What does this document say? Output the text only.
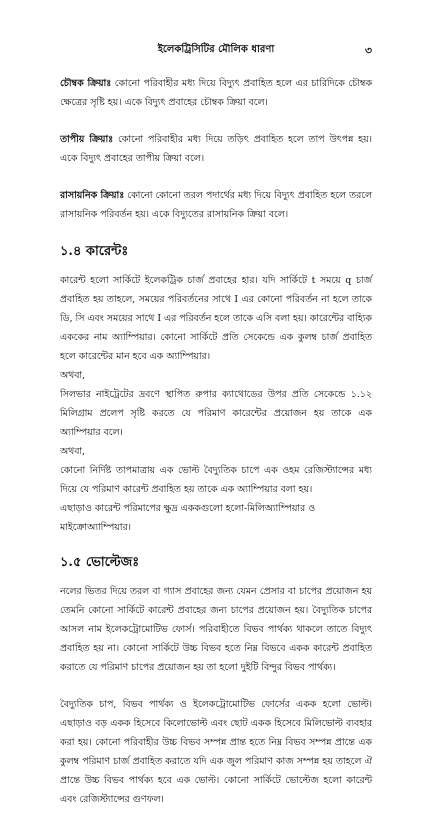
ইলেকট্রিসিটির মৌলিক ধারণা	৩

চৌম্বক ক্রিয়াঃ কোনো পরিবাহীর মধ্য দিয়ে বিদ্যুৎ প্রবাহিত হলে এর চারিদিকে চৌম্বক ক্ষেত্রের সৃষ্টি হয়। একে বিদ্যুৎ প্রবাহের চৌম্বক ক্রিয়া বলে।

তাপীয় ক্রিয়াঃ কোনো পরিবাহীর মধ্য দিয়ে তড়িৎ প্রবাহিত হলে তাপ উৎপন্ন হয়। একে বিদ্যুৎ প্রবাহের তাপীয় ক্রিয়া বলে।

রাসায়নিক ক্রিয়াঃ কোনো কোনো তরল পদার্থের মধ্য দিয়ে বিদ্যুৎ প্রবাহিত হলে তরলে রাসায়নিক পরিবর্তন হয়। একে বিদ্যুতের রাসায়নিক ক্রিয়া বলে।

১.৪ কারেন্টঃ

কারেন্ট হলো সার্কিটে ইলেকট্রিক চার্জ প্রবাহের হার। যদি সার্কিটে t সময়ে q চার্জ প্রবাহিত হয় তাহলে, সময়ের পরিবর্তনের সাথে I এর কোনো পরিবর্তন না হলে তাকে ডি, সি এবং সময়ের সাথে I এর পরিবর্তন হলে তাকে এসি বলা হয়। কারেন্টের বাহ্যিক এককের নাম অ্যাম্পিয়ার। কোনো সার্কিটে প্রতি সেকেন্ডে এক কুলম্ব চার্জ প্রবাহিত হলে কারেন্টের মান হবে এক অ্যাম্পিয়ার।

অথবা,

সিলভার নাইট্রেটের দ্রবণে স্থাপিত রুপার ক্যাথোডের উপর প্রতি সেকেন্ডে ১.১২ মিলিগ্রাম প্রলেপ সৃষ্টি করতে যে পরিমাণ কারেন্টের প্রয়োজন হয় তাকে এক অ্যাম্পিয়ার বলে।

অথবা,

কোনো নির্দিষ্ট তাপমাত্রায় এক ভোল্ট বৈদ্যুতিক চাপে এক ওহম রেজিস্ট্যান্সের মধ্য দিয়ে যে পরিমাণ কারেন্ট প্রবাহিত হয় তাকে এক অ্যাম্পিয়ার বলা হয়।

এছাড়াও কারেন্ট পরিমাপের ক্ষুদ্র এককগুলো হলো-মিলিঅ্যাম্পিয়ার ও মাইক্রোঅ্যাম্পিয়ার।

১.৫ ভোল্টেজঃ

নলের ভিতর দিয়ে তরল বা গ্যাস প্রবাহের জন্য যেমন প্রেসার বা চাপের প্রয়োজন হয় তেমনি কোনো সার্কিটে কারেন্ট প্রবাহের জন্য চাপের প্রয়োজন হয়। বৈদ্যুতিক চাপের আসল নাম ইলেকট্রোমোটিভ ফোর্স। পরিবাহীতে বিভব পার্থক্য থাকলে তাতে বিদ্যুৎ প্রবাহিত হয় না। কোনো সার্কিটে উচ্চ বিভব হতে নিম্ন বিভবে একক কারেন্ট প্রবাহিত করাতে যে পরিমাণ চাপের প্রয়োজন হয় তা হলো দুইটি বিন্দুর বিভব পার্থক্য।

বৈদ্যুতিক চাপ, বিভব পার্থক্য ও ইলেকট্রোমোটিভ ফোর্সের একক হলো ভোল্ট। এছাড়াও বড় একক হিসেবে কিলোভোল্ট এবং ছোট একক হিসেবে মিলিভোল্ট ব্যবহার করা হয়। কোনো পরিবাহীর উচ্চ বিভব সম্পন্ন প্রান্ত হতে নিম্ন বিভব সম্পন্ন প্রান্তে এক কুলম্ব পরিমাণ চার্জ প্রবাহিত করাতে যদি এক জুল পরিমাণ কাজ সম্পন্ন হয় তাহলে ঐ প্রান্তে উচ্চ বিভব পার্থক্য হবে এক ভোল্ট। কোনো সার্কিটে ভোল্টেজ হলো কারেন্ট এবং রেজিস্ট্যান্সের গুণফল।
